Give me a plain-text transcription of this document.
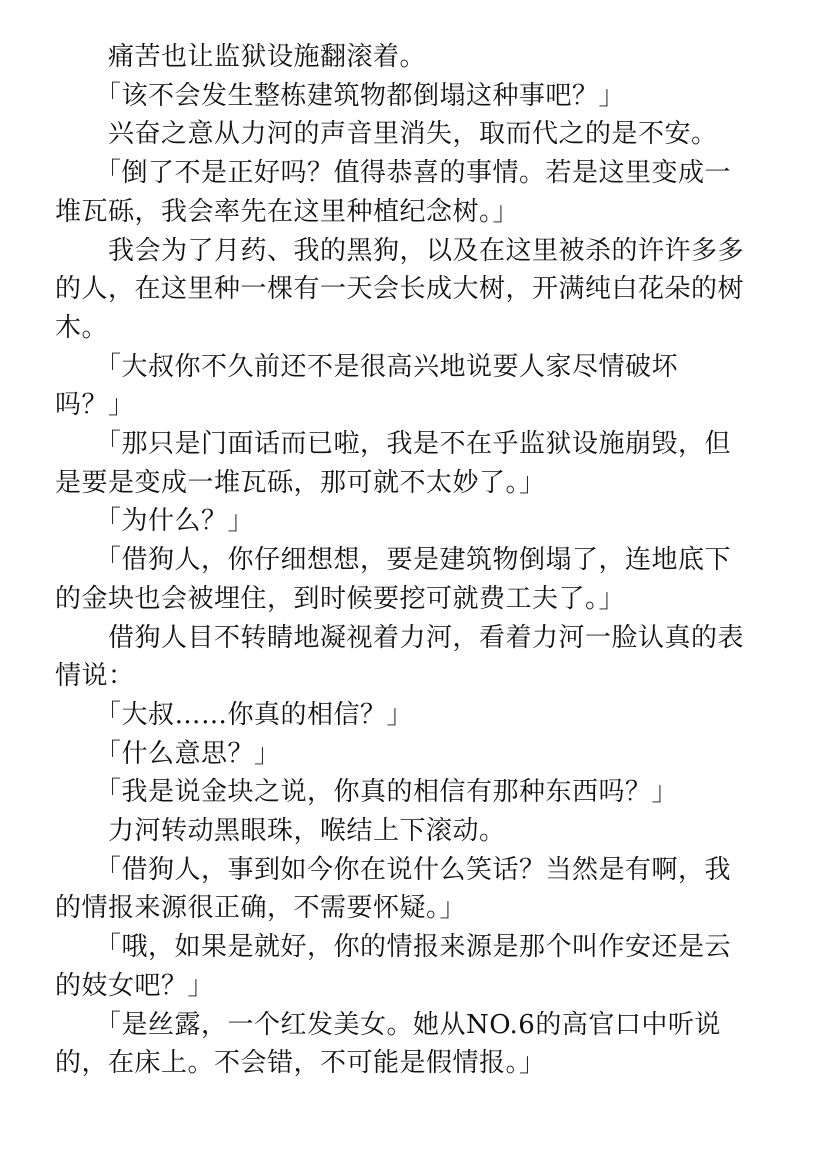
　　痛苦也让监狱设施翻滚着。

　　「该不会发生整栋建筑物都倒塌这种事吧？」

　　兴奋之意从力河的声音里消失，取而代之的是不安。

　　「倒了不是正好吗？值得恭喜的事情。若是这里变成一
堆瓦砾，我会率先在这里种植纪念树。」

　　我会为了月药、我的黑狗，以及在这里被杀的许许多多
的人，在这里种一棵有一天会长成大树，开满纯白花朵的树
木。

　　「大叔你不久前还不是很高兴地说要人家尽情破坏
吗？」

　　「那只是门面话而已啦，我是不在乎监狱设施崩毁，但
是要是变成一堆瓦砾，那可就不太妙了。」

　　「为什么？」

　　「借狗人，你仔细想想，要是建筑物倒塌了，连地底下
的金块也会被埋住，到时候要挖可就费工夫了。」

　　借狗人目不转睛地凝视着力河，看着力河一脸认真的表
情说：

　　「大叔……你真的相信？」

　　「什么意思？」

　　「我是说金块之说，你真的相信有那种东西吗？」

　　力河转动黑眼珠，喉结上下滚动。

　　「借狗人，事到如今你在说什么笑话？当然是有啊，我
的情报来源很正确，不需要怀疑。」

　　「哦，如果是就好，你的情报来源是那个叫作安还是云
的妓女吧？」

　　「是丝露，一个红发美女。她从NO.6的高官口中听说
的，在床上。不会错，不可能是假情报。」
